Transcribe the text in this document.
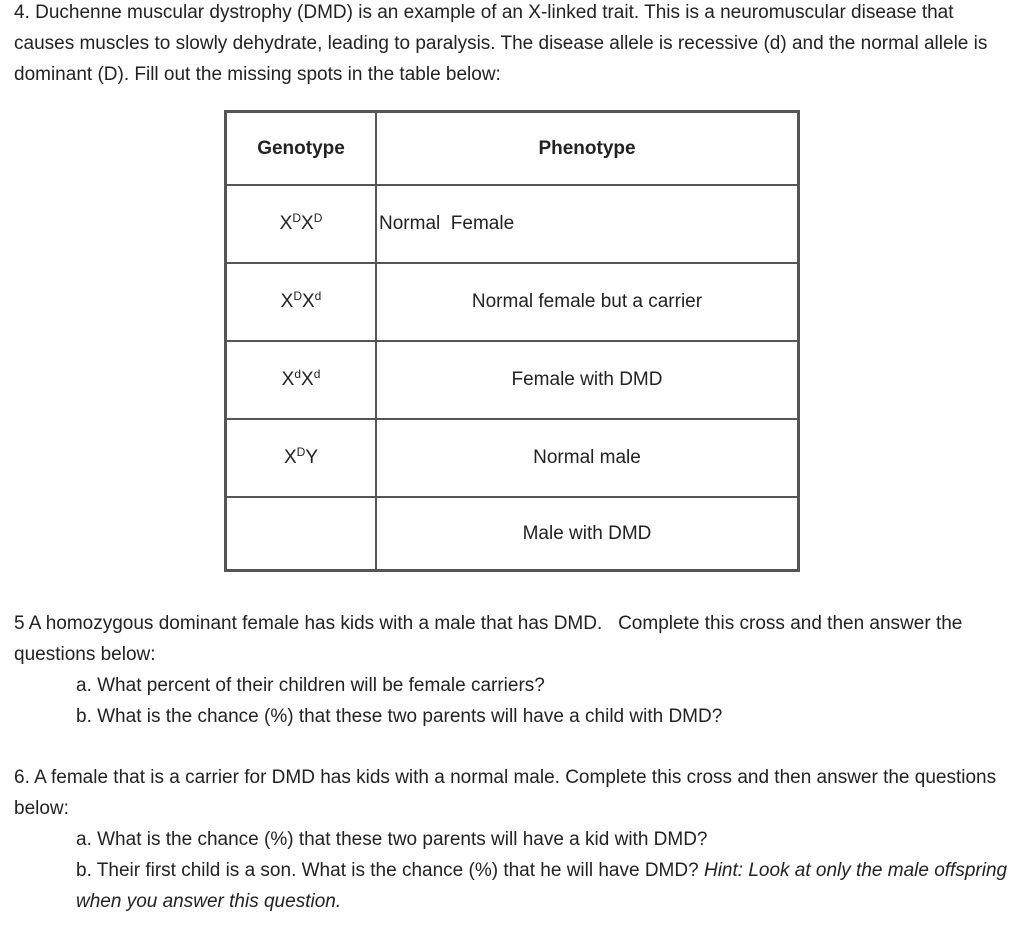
4. Duchenne muscular dystrophy (DMD) is an example of an X-linked trait. This is a neuromuscular disease that causes muscles to slowly dehydrate, leading to paralysis. The disease allele is recessive (d) and the normal allele is dominant (D). Fill out the missing spots in the table below:

Genotype	Phenotype
$X^DX^D$	Normal  Female
$X^DX^d$	Normal female but a carrier
$X^dX^d$	Female with DMD
$X^DY$	Normal male
	Male with DMD

5 A homozygous dominant female has kids with a male that has DMD.   Complete this cross and then answer the questions below:

a. What percent of their children will be female carriers?

b. What is the chance (%) that these two parents will have a child with DMD?

6. A female that is a carrier for DMD has kids with a normal male. Complete this cross and then answer the questions below:

a. What is the chance (%) that these two parents will have a kid with DMD?

b. Their first child is a son. What is the chance (%) that he will have DMD? Hint: Look at only the male offspring when you answer this question.
